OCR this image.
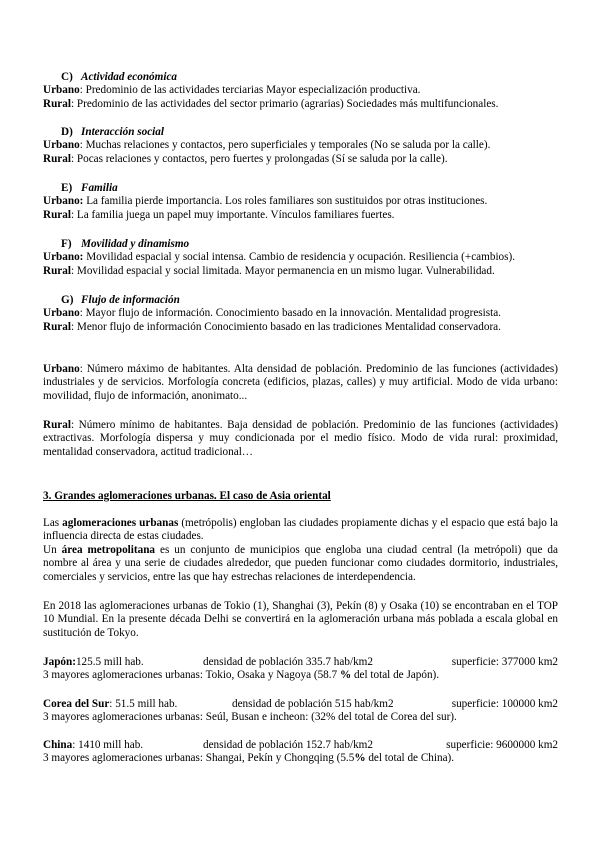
C) Actividad económica
Urbano: Predominio de las actividades terciarias Mayor especialización productiva.
Rural: Predominio de las actividades del sector primario (agrarias) Sociedades más multifuncionales.
D) Interacción social
Urbano: Muchas relaciones y contactos, pero superficiales y temporales (No se saluda por la calle).
Rural: Pocas relaciones y contactos, pero fuertes y prolongadas (Sí se saluda por la calle).
E) Familia
Urbano: La familia pierde importancia. Los roles familiares son sustituidos por otras instituciones.
Rural: La familia juega un papel muy importante. Vínculos familiares fuertes.
F) Movilidad y dinamismo
Urbano: Movilidad espacial y social intensa. Cambio de residencia y ocupación. Resiliencia (+cambios).
Rural: Movilidad espacial y social limitada. Mayor permanencia en un mismo lugar. Vulnerabilidad.
G) Flujo de información
Urbano: Mayor flujo de información. Conocimiento basado en la innovación. Mentalidad progresista.
Rural: Menor flujo de información Conocimiento basado en las tradiciones Mentalidad conservadora.
Urbano: Número máximo de habitantes. Alta densidad de población. Predominio de las funciones (actividades) industriales y de servicios. Morfología concreta (edificios, plazas, calles) y muy artificial. Modo de vida urbano: movilidad, flujo de información, anonimato...
Rural: Número mínimo de habitantes. Baja densidad de población. Predominio de las funciones (actividades) extractivas. Morfología dispersa y muy condicionada por el medio físico. Modo de vida rural: proximidad, mentalidad conservadora, actitud tradicional…
3. Grandes aglomeraciones urbanas. El caso de Asia oriental
Las aglomeraciones urbanas (metrópolis) engloban las ciudades propiamente dichas y el espacio que está bajo la influencia directa de estas ciudades.
Un área metropolitana es un conjunto de municipios que engloba una ciudad central (la metrópoli) que da nombre al área y una serie de ciudades alrededor, que pueden funcionar como ciudades dormitorio, industriales, comerciales y servicios, entre las que hay estrechas relaciones de interdependencia.
En 2018 las aglomeraciones urbanas de Tokio (1), Shanghai (3), Pekín (8) y Osaka (10) se encontraban en el TOP 10 Mundial. En la presente década Delhi se convertirá en la aglomeración urbana más poblada a escala global en sustitución de Tokyo.
Japón: 125.5 mill hab.	densidad de población 335.7 hab/km2	superficie: 377000 km2
3 mayores aglomeraciones urbanas: Tokio, Osaka y Nagoya (58.7 % del total de Japón).
Corea del Sur : 51.5 mill hab.	densidad de población 515 hab/km2	superficie: 100000 km2
3 mayores aglomeraciones urbanas: Seúl, Busan e incheon: (32% del total de Corea del sur).
China : 1410 mill hab.	densidad de población 152.7 hab/km2	superficie: 9600000 km2
3 mayores aglomeraciones urbanas: Shangai, Pekín y Chongqing (5.5% del total de China).
